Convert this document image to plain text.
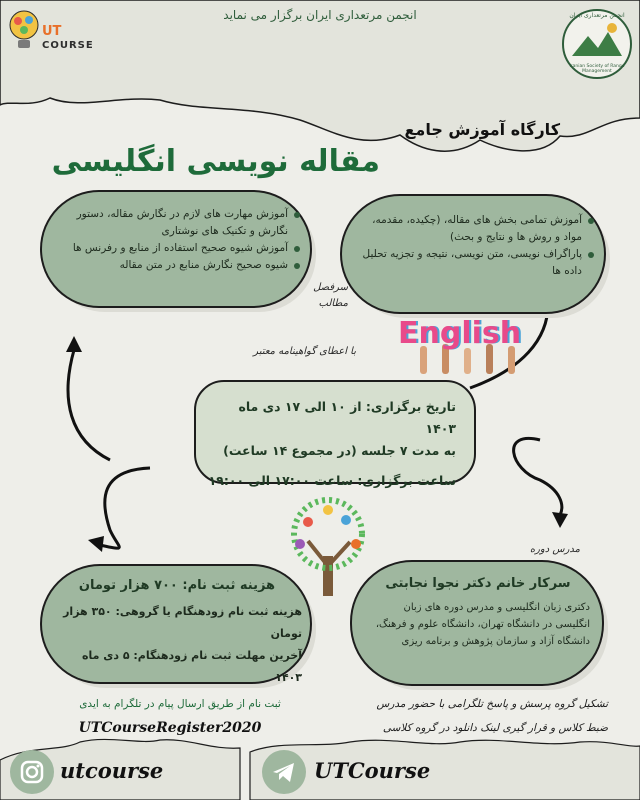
UT
COURSE
انجمن مرتعداری ایران برگزار می نماید	انجمن مرتعداری ایران
Iranian Society of Range Management
کارگاه آموزش جامع
مقاله نویسی انگلیسی
آموزش مهارت های لازم در نگارش مقاله، دستور نگارش و تکنیک های نوشتاری
آموزش شیوه صحیح استفاده از منابع و رفرنس ها
شیوه صحیح نگارش منابع در متن مقاله
آموزش تمامی بخش های مقاله، (چکیده، مقدمه، مواد و روش ها و نتایج و بحث)
پاراگراف نویسی، متن نویسی، نتیجه و تجزیه تحلیل داده ها
سرفصل
مطالب
با اعطای گواهینامه معتبر
English
تاریخ برگزاری: از ۱۰ الی ۱۷ دی ماه ۱۴۰۳
به مدت ۷ جلسه (در مجموع ۱۴ ساعت)
ساعت برگزاری: ساعت ۱۷:۰۰ الی ۱۹:۰۰
مدرس دوره
هزینه ثبت نام: ۷۰۰ هزار تومان
هزینه ثبت نام زودهنگام یا گروهی: ۳۵۰ هزار تومان
آخرین مهلت ثبت نام زودهنگام: ۵ دی ماه ۱۴۰۳
سرکار خانم دکتر نجوا نجابتی
دکتری زبان انگلیسی و مدرس دوره های زبان انگلیسی در دانشگاه تهران، دانشگاه علوم و فرهنگ، دانشگاه آزاد و سازمان پژوهش و برنامه ریزی
ثبت نام از طریق ارسال پیام در تلگرام به ایدی
UTCourseRegister2020
تشکیل گروه پرسش و پاسخ تلگرامی با حضور مدرس
ضبط کلاس و قرار گیری لینک دانلود در گروه کلاسی
utcourse	UTCourse
